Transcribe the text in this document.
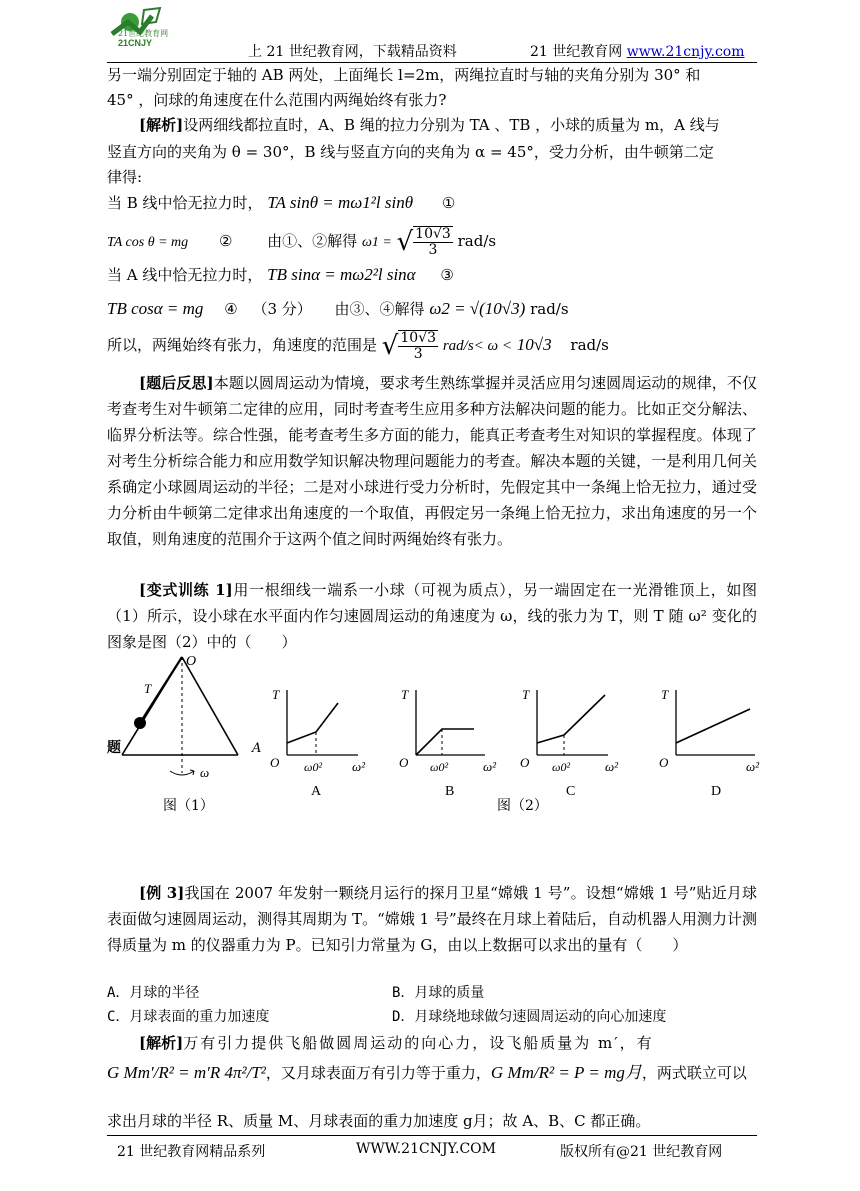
21世纪教育网
21CNJY
上 21 世纪教育网，下载精品资料	21 世纪教育网 www.21cnjy.com
另一端分别固定于轴的 AB 两处，上面绳长 l=2m，两绳拉直时与轴的夹角分别为 30° 和
45° ，问球的角速度在什么范围内两绳始终有张力?
[解析]设两细线都拉直时，A、B 绳的拉力分别为 TA 、TB ，小球的质量为 m，A 线与
竖直方向的夹角为 θ = 30°，B 线与竖直方向的夹角为 α = 45°，受力分析，由牛顿第二定
律得:
当 B 线中恰无拉力时， TA sinθ = mω1²l sinθ ①
TA cos θ = mg ② 由①、②解得 ω1 = √ $\frac{10√3}{3} rad/s$
当 A 线中恰无拉力时， TB sinα = mω2²l sinα ③
TB cosα = mg ④ （3 分） 由③、④解得 ω2 = √(10√3) rad/s
所以，两绳始终有张力，角速度的范围是 √ $\frac{10√3}{3} rad/s< \omega < 10√3$ rad/s
[题后反思]本题以圆周运动为情境，要求考生熟练掌握并灵活应用匀速圆周运动的规律，不仅考查考生对牛顿第二定律的应用，同时考查考生应用多种方法解决问题的能力。比如正交分解法、临界分析法等。综合性强，能考查考生多方面的能力，能真正考查考生对知识的掌握程度。体现了对考生分析综合能力和应用数学知识解决物理问题能力的考查。解决本题的关键，一是利用几何关系确定小球圆周运动的半径；二是对小球进行受力分析时，先假定其中一条绳上恰无拉力，通过受力分析由牛顿第二定律求出角速度的一个取值，再假定另一条绳上恰无拉力，求出角速度的另一个取值，则角速度的范围介于这两个值之间时两绳始终有张力。
[变式训练 1]用一根细线一端系一小球（可视为质点），另一端固定在一光滑锥顶上，如图（1）所示，设小球在水平面内作匀速圆周运动的角速度为 ω，线的张力为 T，则 T 随 ω² 变化的图象是图（2）中的（　　）
O
T
ω
题	A
T
O	ω²
ω0²
A
T
O	ω²
ω0²
B
T
O	ω²
ω0²
C
T
O	ω²
D
图（1）	图（2）
[例 3]我国在 2007 年发射一颗绕月运行的探月卫星“嫦娥 1 号”。设想“嫦娥 1 号”贴近月球表面做匀速圆周运动，测得其周期为 T。“嫦娥 1 号”最终在月球上着陆后，自动机器人用测力计测得质量为 m 的仪器重力为 P。已知引力常量为 G，由以上数据可以求出的量有（　　）
A．月球的半径	B．月球的质量
C．月球表面的重力加速度	D．月球绕地球做匀速圆周运动的向心加速度
[解析]万有引力提供飞船做圆周运动的向心力，设飞船质量为 m′，有
G Mm′/R² = m′R 4π²/T²，又月球表面万有引力等于重力，G Mm/R² = P = mg月，两式联立可以
求出月球的半径 R、质量 M、月球表面的重力加速度 g月；故 A、B、C 都正确。
21 世纪教育网精品系列	WWW.21CNJY.COM	版权所有@21 世纪教育网
